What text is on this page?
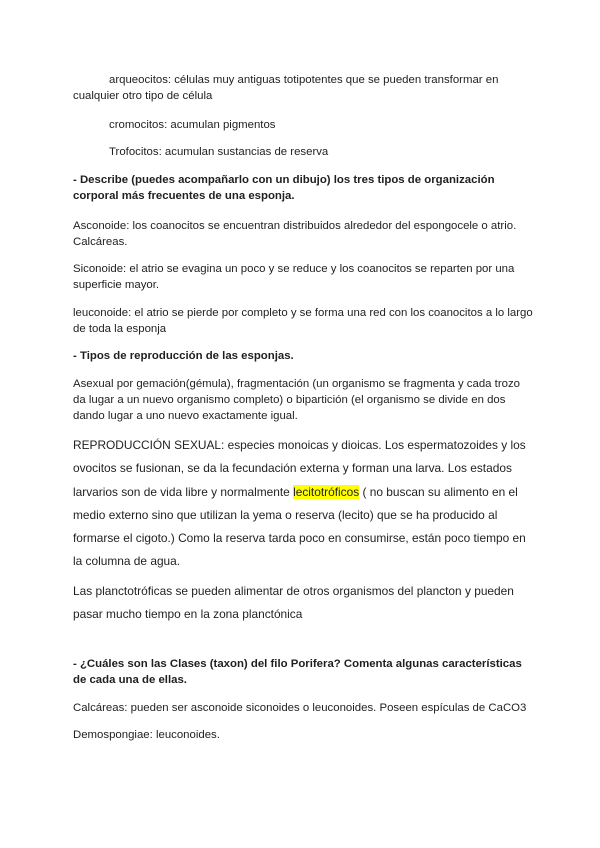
arqueocitos: células muy antiguas totipotentes que se pueden transformar en cualquier otro tipo de célula

cromocitos: acumulan pigmentos

Trofocitos: acumulan sustancias de reserva

- Describe (puedes acompañarlo con un dibujo) los tres tipos de organización corporal más frecuentes de una esponja.

Asconoide: los coanocitos se encuentran distribuidos alrededor del espongocele o atrio. Calcáreas.

Siconoide: el atrio se evagina un poco y se reduce y los coanocitos se reparten por una superficie mayor.

leuconoide: el atrio se pierde por completo y se forma una red con los coanocitos a lo largo de toda la esponja

- Tipos de reproducción de las esponjas.

Asexual por gemación(gémula), fragmentación (un organismo se fragmenta y cada trozo da lugar a un nuevo organismo completo) o bipartición (el organismo se divide en dos dando lugar a uno nuevo exactamente igual.

REPRODUCCIÓN SEXUAL: especies monoicas y dioicas. Los espermatozoides y los ovocitos se fusionan, se da la fecundación externa y forman una larva. Los estados larvarios son de vida libre y normalmente lecitotróficos ( no buscan su alimento en el medio externo sino que utilizan la yema o reserva (lecito) que se ha producido al formarse el cigoto.) Como la reserva tarda poco en consumirse, están poco tiempo en la columna de agua.

Las planctotróficas se pueden alimentar de otros organismos del plancton y pueden pasar mucho tiempo en la zona planctónica

- ¿Cuáles son las Clases (taxon) del filo Porifera? Comenta algunas características de cada una de ellas.

Calcáreas: pueden ser asconoide siconoides o leuconoides. Poseen espículas de CaCO3

Demospongiae: leuconoides.
